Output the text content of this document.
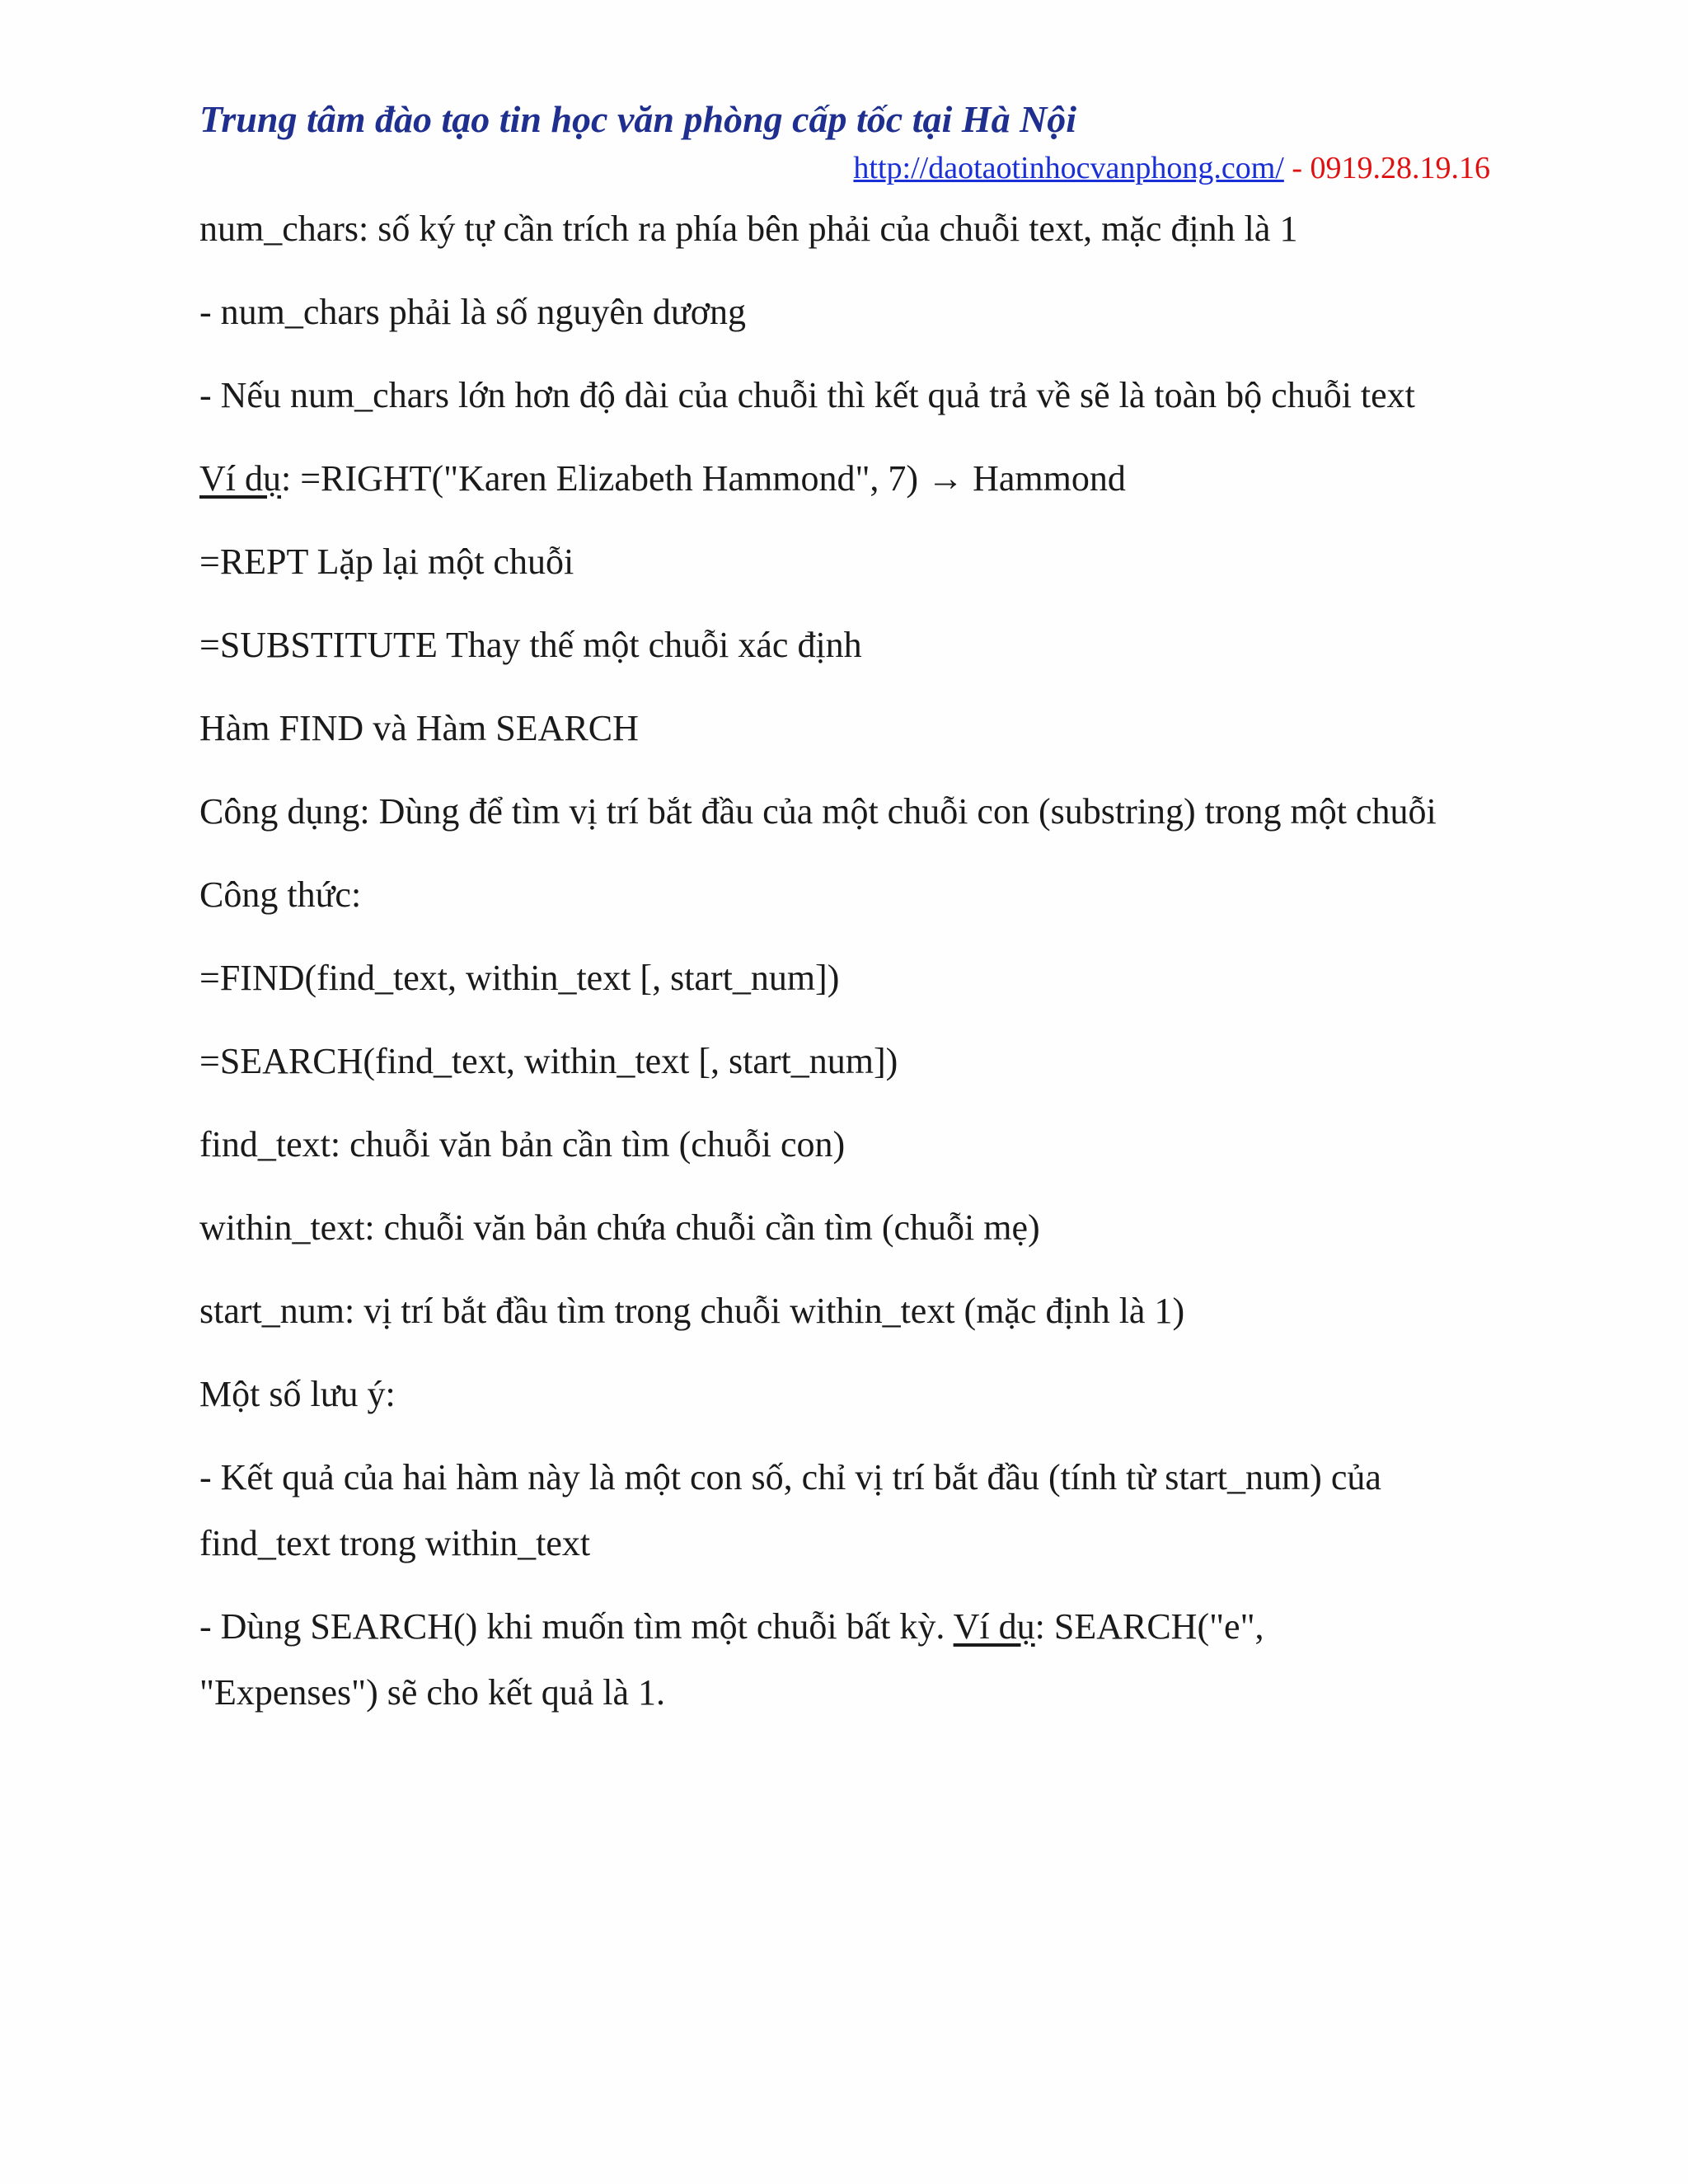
Trung tâm đào tạo tin học văn phòng cấp tốc tại Hà Nội
http://daotaotinhocvanphong.com/ - 0919.28.19.16

num_chars: số ký tự cần trích ra phía bên phải của chuỗi text, mặc định là 1

- num_chars phải là số nguyên dương

- Nếu num_chars lớn hơn độ dài của chuỗi thì kết quả trả về sẽ là toàn bộ chuỗi text

Ví dụ: =RIGHT("Karen Elizabeth Hammond", 7) → Hammond

=REPT Lặp lại một chuỗi

=SUBSTITUTE Thay thế một chuỗi xác định

Hàm FIND và Hàm SEARCH

Công dụng: Dùng để tìm vị trí bắt đầu của một chuỗi con (substring) trong một chuỗi

Công thức:

=FIND(find_text, within_text [, start_num])

=SEARCH(find_text, within_text [, start_num])

find_text: chuỗi văn bản cần tìm (chuỗi con)

within_text: chuỗi văn bản chứa chuỗi cần tìm (chuỗi mẹ)

start_num: vị trí bắt đầu tìm trong chuỗi within_text (mặc định là 1)

Một số lưu ý:

- Kết quả của hai hàm này là một con số, chỉ vị trí bắt đầu (tính từ start_num) của find_text trong within_text

- Dùng SEARCH() khi muốn tìm một chuỗi bất kỳ. Ví dụ: SEARCH("e", "Expenses") sẽ cho kết quả là 1.
